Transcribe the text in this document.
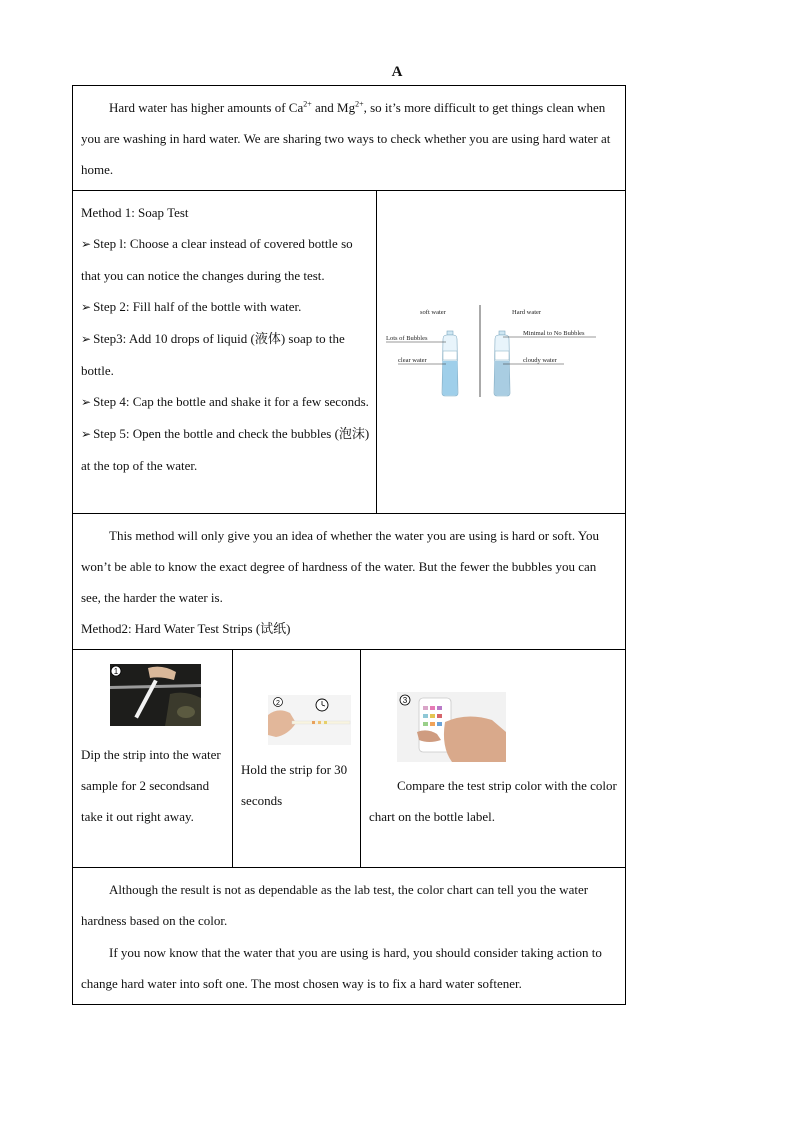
A

Hard water has higher amounts of $Ca^{2+}$ and $Mg^{2+}$, so it’s more difficult to get things clean when you are washing in hard water. We are sharing two ways to check whether you are using hard water at home.

Method 1: Soap Test
➢ Step l: Choose a clear instead of covered bottle so that you can notice the changes during the test.
➢ Step 2: Fill half of the bottle with water.
➢ Step3: Add 10 drops of liquid (液体) soap to the bottle.
➢ Step 4: Cap the bottle and shake it for a few seconds.
➢ Step 5: Open the bottle and check the bubbles (泡沫) at the top of the water.
soft water	Hard water
Lots of Bubbles
clear water
Minimal to No Bubbles
cloudy water

This method will only give you an idea of whether the water you are using is hard or soft. You won’t be able to know the exact degree of hardness of the water. But the fewer the bubbles you can see, the harder the water is.

Method2: Hard Water Test Strips (试纸)

1
2	3

Dip the strip into the water sample for 2 secondsand take it out right away.

Hold the strip for 30 seconds

Compare the test strip color with the color chart on the bottle label.

Although the result is not as dependable as the lab test, the color chart can tell you the water hardness based on the color.

If you now know that the water that you are using is hard, you should consider taking action to change hard water into soft one. The most chosen way is to fix a hard water softener.
